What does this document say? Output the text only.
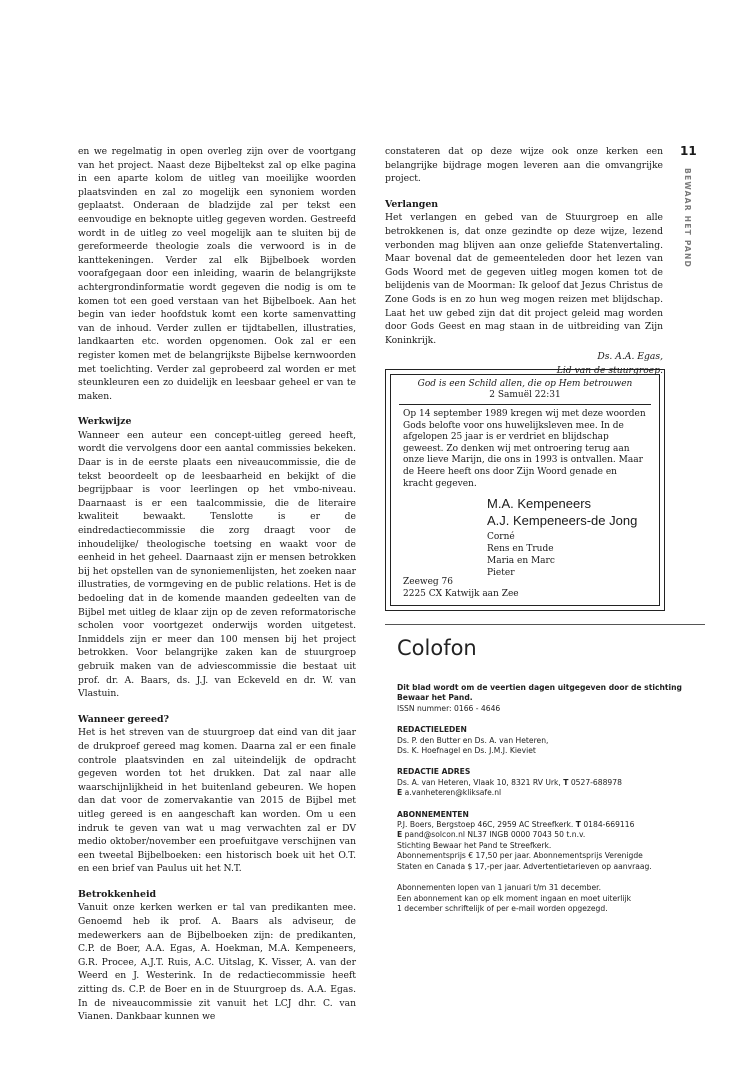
11
BEWAAR HET PAND

en we regelmatig in open overleg zijn over de voortgang van het project. Naast deze Bijbeltekst zal op elke pagina in een aparte kolom de uitleg van moeilijke woorden plaatsvinden en zal zo mogelijk een synoniem worden geplaatst. Onderaan de bladzijde zal per tekst een eenvoudige en beknopte uitleg gegeven worden. Gestreefd wordt in de uitleg zo veel mogelijk aan te sluiten bij de gereformeerde theologie zoals die verwoord is in de kanttekeningen. Verder zal elk Bijbelboek worden voorafgegaan door een inleiding, waarin de belangrijkste achtergrondinformatie wordt gegeven die nodig is om te komen tot een goed verstaan van het Bijbelboek. Aan het begin van ieder hoofdstuk komt een korte samenvatting van de inhoud. Verder zullen er tijdtabellen, illustraties, landkaarten etc. worden opgenomen. Ook zal er een register komen met de belangrijkste Bijbelse kernwoorden met toelichting. Verder zal geprobeerd zal worden er met steunkleuren een zo duidelijk en leesbaar geheel er van te maken.

Werkwijze

Wanneer een auteur een concept-uitleg gereed heeft, wordt die vervolgens door een aantal commissies bekeken. Daar is in de eerste plaats een niveaucommissie, die de tekst beoordeelt op de leesbaarheid en bekijkt of die begrijpbaar is voor leerlingen op het vmbo-niveau. Daarnaast is er een taalcommissie, die de literaire kwaliteit bewaakt. Tenslotte is er de eindredactiecommissie die zorg draagt voor de inhoudelijke/ theologische toetsing en waakt voor de eenheid in het geheel. Daarnaast zijn er mensen betrokken bij het opstellen van de synoniemenlijsten, het zoeken naar illustraties, de vormgeving en de public relations. Het is de bedoeling dat in de komende maanden gedeelten van de Bijbel met uitleg de klaar zijn op de zeven reformatorische scholen voor voortgezet onderwijs worden uitgetest. Inmiddels zijn er meer dan 100 mensen bij het project betrokken. Voor belangrijke zaken kan de stuurgroep gebruik maken van de adviescommissie die bestaat uit prof. dr. A. Baars, ds. J.J. van Eckeveld en dr. W. van Vlastuin.

Wanneer gereed?

Het is het streven van de stuurgroep dat eind van dit jaar de drukproef gereed mag komen. Daarna zal er een finale controle plaatsvinden en zal uiteindelijk de opdracht gegeven worden tot het drukken. Dat zal naar alle waarschijnlijkheid in het buitenland gebeuren. We hopen dan dat voor de zomervakantie van 2015 de Bijbel met uitleg gereed is en aangeschaft kan worden. Om u een indruk te geven van wat u mag verwachten zal er DV medio oktober/november een proefuitgave verschijnen van een tweetal Bijbelboeken: een historisch boek uit het O.T. en een brief van Paulus uit het N.T.

Betrokkenheid

Vanuit onze kerken werken er tal van predikanten mee. Genoemd heb ik prof. A. Baars als adviseur, de medewerkers aan de Bijbelboeken zijn: de predikanten, C.P. de Boer, A.A. Egas, A. Hoekman, M.A. Kempeneers, G.R. Procee, A.J.T. Ruis, A.C. Uitslag, K. Visser, A. van der Weerd en J. Westerink. In de redactiecommissie heeft zitting ds. C.P. de Boer en in de Stuurgroep ds. A.A. Egas. In de niveaucommissie zit vanuit het LCJ dhr. C. van Vianen. Dankbaar kunnen we

constateren dat op deze wijze ook onze kerken een belangrijke bijdrage mogen leveren aan die omvangrijke project.

Verlangen

Het verlangen en gebed van de Stuurgroep en alle betrokkenen is, dat onze gezindte op deze wijze, lezend verbonden mag blijven aan onze geliefde Statenvertaling. Maar bovenal dat de gemeenteleden door het lezen van Gods Woord met de gegeven uitleg mogen komen tot de belijdenis van de Moorman: Ik geloof dat Jezus Christus de Zone Gods is en zo hun weg mogen reizen met blijdschap. Laat het uw gebed zijn dat dit project geleid mag worden door Gods Geest en mag staan in de uitbreiding van Zijn Koninkrijk.

Ds. A.A. Egas,

Lid van de stuurgroep.

God is een Schild allen, die op Hem betrouwen

2 Samuël 22:31

Op 14 september 1989 kregen wij met deze woorden Gods beloftе voor ons huwelijksleven mee. In de afgelopen 25 jaar is er verdriet en blijdschap geweest. Zo denken wij met ontroering terug aan onze lieve Marijn, die ons in 1993 is ontvallen. Maar de Heere heeft ons door Zijn Woord genade en kracht gegeven.

M.A. Kempeneers
A.J. Kempeneers-de Jong
Corné
Rens en Trude
Maria en Marc
Pieter
Zeeweg 76
2225 CX Katwijk aan Zee
Colofon

Dit blad wordt om de veertien dagen uitgegeven door de stichting

Bewaar het Pand.

ISSN nummer: 0166 - 4646

REDACTIELEDEN

Ds. P. den Butter en Ds. A. van Heteren,

Ds. K. Hoefnagel en Ds. J.M.J. Kieviet

REDACTIE ADRES

Ds. A. van Heteren, Vlaak 10, 8321 RV Urk, T 0527-688978

E a.vanheteren@kliksafe.nl

ABONNEMENTEN

P.J. Boers, Bergstoep 46C, 2959 AC Streefkerk. T 0184-669116

E pand@solcon.nl NL37 INGB 0000 7043 50 t.n.v.

Stichting Bewaar het Pand te Streefkerk.

Abonnementsprijs € 17,50 per jaar. Abonnementsprijs Verenigde

Staten en Canada $ 17,-per jaar. Advertentietarieven op aanvraag.

Abonnementen lopen van 1 januari t/m 31 december.

Een abonnement kan op elk moment ingaan en moet uiterlijk

1 december schriftelijk of per e-mail worden opgezegd.
